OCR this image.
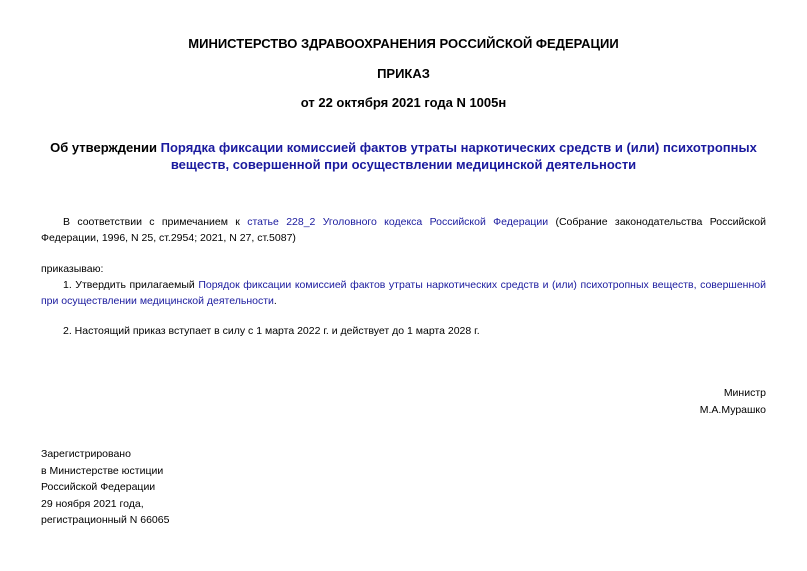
МИНИСТЕРСТВО ЗДРАВООХРАНЕНИЯ РОССИЙСКОЙ ФЕДЕРАЦИИ
ПРИКАЗ
от 22 октября 2021 года N 1005н
Об утверждении Порядка фиксации комиссией фактов утраты наркотических средств и (или) психотропных веществ, совершенной при осуществлении медицинской деятельности

В соответствии с примечанием к статье 228_2 Уголовного кодекса Российской Федерации (Собрание законодательства Российской Федерации, 1996, N 25, ст.2954; 2021, N 27, ст.5087)

приказываю:

1. Утвердить прилагаемый Порядок фиксации комиссией фактов утраты наркотических средств и (или) психотропных веществ, совершенной при осуществлении медицинской деятельности.

2. Настоящий приказ вступает в силу с 1 марта 2022 г. и действует до 1 марта 2028 г.

Министр
М.А.Мурашко
Зарегистрировано
в Министерстве юстиции
Российской Федерации
29 ноября 2021 года,
регистрационный N 66065
